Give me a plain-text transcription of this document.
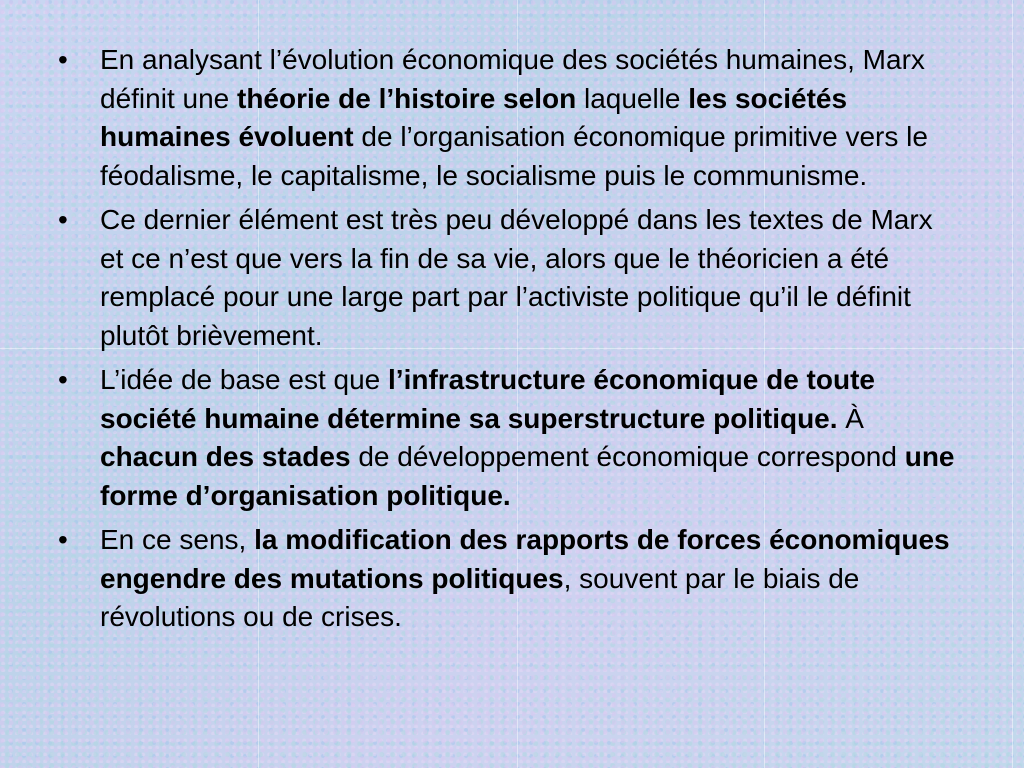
• En analysant l’évolution économique des sociétés humaines, Marx définit une théorie de l’histoire selon laquelle les sociétés humaines évoluent de l’organisation économique primitive vers le féodalisme, le capitalisme, le socialisme puis le communisme.
• Ce dernier élément est très peu développé dans les textes de Marx et ce n’est que vers la fin de sa vie, alors que le théoricien a été remplacé pour une large part par l’activiste politique qu’il le définit plutôt brièvement.
• L’idée de base est que l’infrastructure économique de toute société humaine détermine sa superstructure politique. À chacun des stades de développement économique correspond une forme d’organisation politique.
• En ce sens, la modification des rapports de forces économiques engendre des mutations politiques, souvent par le biais de révolutions ou de crises.
